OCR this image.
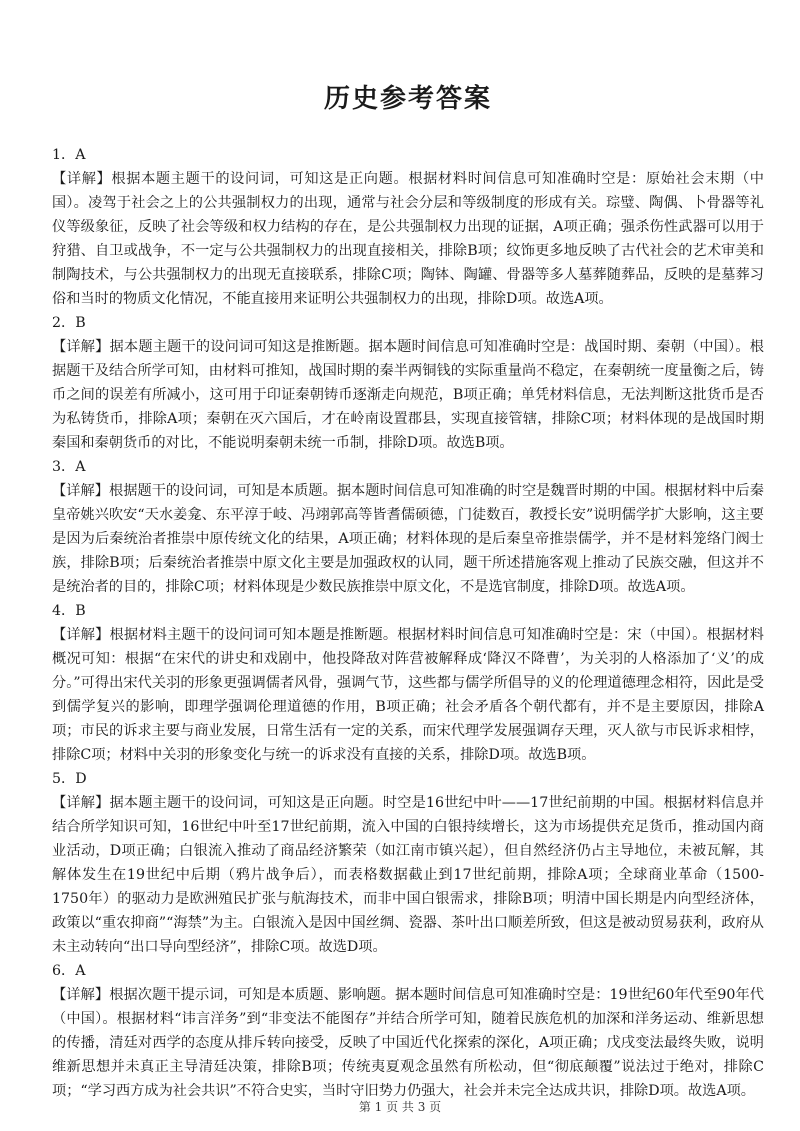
历史参考答案
1．A
【详解】根据本题主题干的设问词，可知这是正向题。根据材料时间信息可知准确时空是：原始社会末期（中国）。凌驾于社会之上的公共强制权力的出现，通常与社会分层和等级制度的形成有关。琮璧、陶偶、卜骨器等礼仪等级象征，反映了社会等级和权力结构的存在，是公共强制权力出现的证据，A项正确；强杀伤性武器可以用于狩猎、自卫或战争，不一定与公共强制权力的出现直接相关，排除B项；纹饰更多地反映了古代社会的艺术审美和制陶技术，与公共强制权力的出现无直接联系，排除C项；陶钵、陶罐、骨器等多人墓葬随葬品，反映的是墓葬习俗和当时的物质文化情况，不能直接用来证明公共强制权力的出现，排除D项。故选A项。
2．B
【详解】据本题主题干的设问词可知这是推断题。据本题时间信息可知准确时空是：战国时期、秦朝（中国）。根据题干及结合所学可知，由材料可推知，战国时期的秦半两铜钱的实际重量尚不稳定，在秦朝统一度量衡之后，铸币之间的误差有所减小，这可用于印证秦朝铸币逐渐走向规范，B项正确；单凭材料信息，无法判断这批货币是否为私铸货币，排除A项；秦朝在灭六国后，才在岭南设置郡县，实现直接管辖，排除C项；材料体现的是战国时期秦国和秦朝货币的对比，不能说明秦朝未统一币制，排除D项。故选B项。
3．A
【详解】根据题干的设问词，可知是本质题。据本题时间信息可知准确的时空是魏晋时期的中国。根据材料中后秦皇帝姚兴吹安“天水姜龛、东平淳于岐、冯翊郭高等皆耆儒硕德，门徒数百，教授长安”说明儒学扩大影响，这主要是因为后秦统治者推崇中原传统文化的结果，A项正确；材料体现的是后秦皇帝推崇儒学，并不是材料笼络门阀士族，排除B项；后秦统治者推崇中原文化主要是加强政权的认同，题干所述措施客观上推动了民族交融，但这并不是统治者的目的，排除C项；材料体现是少数民族推崇中原文化，不是选官制度，排除D项。故选A项。
4．B
【详解】根据材料主题干的设问词可知本题是推断题。根据材料时间信息可知准确时空是：宋（中国）。根据材料概况可知：根据“在宋代的讲史和戏剧中，他投降敌对阵营被解释成‘降汉不降曹’，为关羽的人格添加了‘义’的成分。”可得出宋代关羽的形象更强调儒者风骨，强调气节，这些都与儒学所倡导的义的伦理道德理念相符，因此是受到儒学复兴的影响，即理学强调伦理道德的作用，B项正确；社会矛盾各个朝代都有，并不是主要原因，排除A项；市民的诉求主要与商业发展，日常生活有一定的关系，而宋代理学发展强调存天理，灭人欲与市民诉求相悖，排除C项；材料中关羽的形象变化与统一的诉求没有直接的关系，排除D项。故选B项。
5．D
【详解】据本题主题干的设问词，可知这是正向题。时空是16世纪中叶——17世纪前期的中国。根据材料信息并结合所学知识可知，16世纪中叶至17世纪前期，流入中国的白银持续增长，这为市场提供充足货币，推动国内商业活动，D项正确；白银流入推动了商品经济繁荣（如江南市镇兴起），但自然经济仍占主导地位，未被瓦解，其解体发生在19世纪中后期（鸦片战争后），而表格数据截止到17世纪前期，排除A项；全球商业革命（1500-1750年）的驱动力是欧洲殖民扩张与航海技术，而非中国白银需求，排除B项；明清中国长期是内向型经济体，政策以“重农抑商”“海禁”为主。白银流入是因中国丝绸、瓷器、茶叶出口顺差所致，但这是被动贸易获利，政府从未主动转向“出口导向型经济”，排除C项。故选D项。
6．A
【详解】根据次题干提示词，可知是本质题、影响题。据本题时间信息可知准确时空是：19世纪60年代至90年代（中国）。根据材料“讳言洋务”到“非变法不能图存”并结合所学可知，随着民族危机的加深和洋务运动、维新思想的传播，清廷对西学的态度从排斥转向接受，反映了中国近代化探索的深化，A项正确；戊戌变法最终失败，说明维新思想并未真正主导清廷决策，排除B项；传统夷夏观念虽然有所松动，但“彻底颠覆”说法过于绝对，排除C项；“学习西方成为社会共识”不符合史实，当时守旧势力仍强大，社会并未完全达成共识，排除D项。故选A项。
第 1 页 共 3 页
